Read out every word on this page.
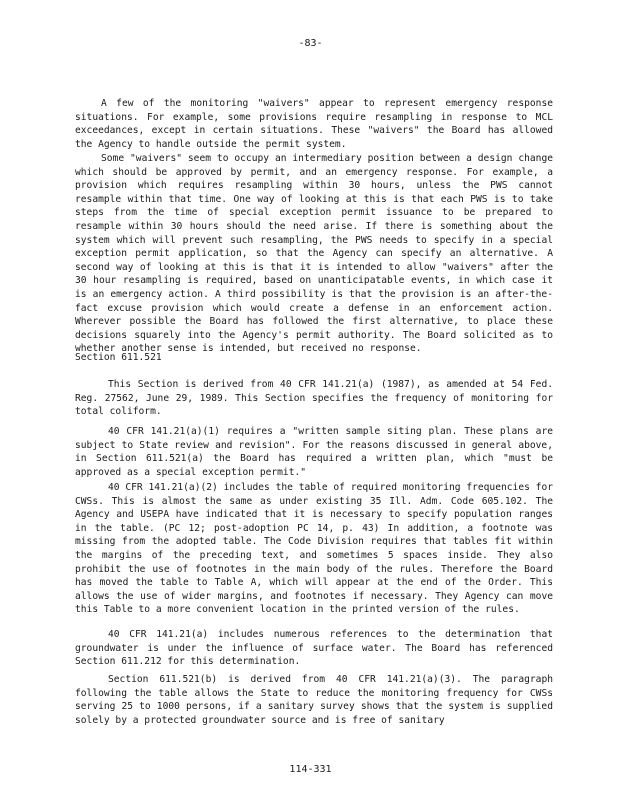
-83-

A few of the monitoring "waivers" appear to represent emergency response situations. For example, some provisions require resampling in response to MCL exceedances, except in certain situations. These "waivers" the Board has allowed the Agency to handle outside the permit system.

Some "waivers" seem to occupy an intermediary position between a design change which should be approved by permit, and an emergency response. For example, a provision which requires resampling within 30 hours, unless the PWS cannot resample within that time. One way of looking at this is that each PWS is to take steps from the time of special exception permit issuance to be prepared to resample within 30 hours should the need arise. If there is something about the system which will prevent such resampling, the PWS needs to specify in a special exception permit application, so that the Agency can specify an alternative. A second way of looking at this is that it is intended to allow "waivers" after the 30 hour resampling is required, based on unanticipatable events, in which case it is an emergency action. A third possibility is that the provision is an after-the-fact excuse provision which would create a defense in an enforcement action. Wherever possible the Board has followed the first alternative, to place these decisions squarely into the Agency's permit authority. The Board solicited as to whether another sense is intended, but received no response.

Section 611.521

This Section is derived from 40 CFR 141.21(a) (1987), as amended at 54 Fed. Reg. 27562, June 29, 1989. This Section specifies the frequency of monitoring for total coliform.

40 CFR 141.21(a)(1) requires a "written sample siting plan. These plans are subject to State review and revision". For the reasons discussed in general above, in Section 611.521(a) the Board has required a written plan, which "must be approved as a special exception permit."

40 CFR 141.21(a)(2) includes the table of required monitoring frequencies for CWSs. This is almost the same as under existing 35 Ill. Adm. Code 605.102. The Agency and USEPA have indicated that it is necessary to specify population ranges in the table. (PC 12; post-adoption PC 14, p. 43) In addition, a footnote was missing from the adopted table. The Code Division requires that tables fit within the margins of the preceding text, and sometimes 5 spaces inside. They also prohibit the use of footnotes in the main body of the rules. Therefore the Board has moved the table to Table A, which will appear at the end of the Order. This allows the use of wider margins, and footnotes if necessary. They Agency can move this Table to a more convenient location in the printed version of the rules.

40 CFR 141.21(a) includes numerous references to the determination that groundwater is under the influence of surface water. The Board has referenced Section 611.212 for this determination.

Section 611.521(b) is derived from 40 CFR 141.21(a)(3). The paragraph following the table allows the State to reduce the monitoring frequency for CWSs serving 25 to 1000 persons, if a sanitary survey shows that the system is supplied solely by a protected groundwater source and is free of sanitary

114-331
